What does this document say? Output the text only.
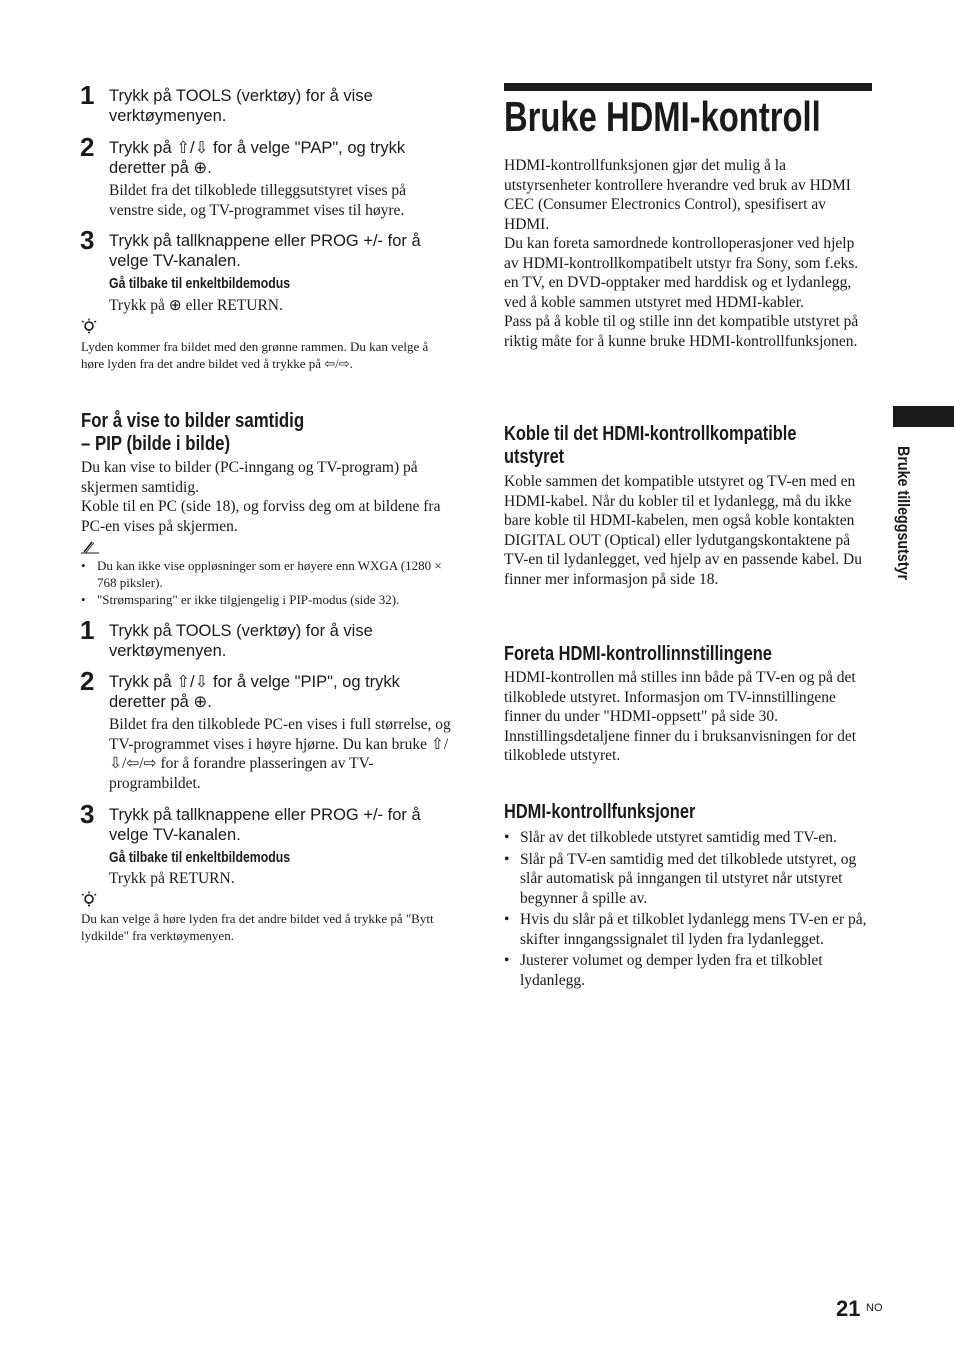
1 Trykk på TOOLS (verktøy) for å vise verktøymenyen.
2 Trykk på ⇧/⇩ for å velge "PAP", og trykk
deretter på ⊕.
Bildet fra det tilkoblede tilleggsutstyret vises på venstre side, og TV-programmet vises til høyre.
3 Trykk på tallknappene eller PROG +/- for å velge TV-kanalen.
Gå tilbake til enkeltbildemodus
Trykk på ⊕ eller RETURN.
Lyden kommer fra bildet med den grønne rammen. Du kan velge å høre lyden fra det andre bildet ved å trykke på ⇦/⇨.
For å vise to bilder samtidig
– PIP (bilde i bilde)
Du kan vise to bilder (PC-inngang og TV-program) på skjermen samtidig.
Koble til en PC (side 18), og forviss deg om at bildene fra PC-en vises på skjermen.
• Du kan ikke vise oppløsninger som er høyere enn WXGA (1280 × 768 piksler).
• "Strømsparing" er ikke tilgjengelig i PIP-modus (side 32).
1 Trykk på TOOLS (verktøy) for å vise verktøymenyen.
2 Trykk på ⇧/⇩ for å velge "PIP", og trykk
deretter på ⊕.
Bildet fra den tilkoblede PC-en vises i full størrelse, og TV-programmet vises i høyre hjørne. Du kan bruke ⇧/⇩/⇦/⇨ for å forandre plasseringen av TV-programbildet.
3 Trykk på tallknappene eller PROG +/- for å velge TV-kanalen.
Gå tilbake til enkeltbildemodus
Trykk på RETURN.
Du kan velge å høre lyden fra det andre bildet ved å trykke på "Bytt lydkilde" fra verktøymenyen.
Bruke HDMI-kontroll

HDMI-kontrollfunksjonen gjør det mulig å la utstyrsenheter kontrollere hverandre ved bruk av HDMI CEC (Consumer Electronics Control), spesifisert av HDMI.

Du kan foreta samordnede kontrolloperasjoner ved hjelp av HDMI-kontrollkompatibelt utstyr fra Sony, som f.eks. en TV, en DVD-opptaker med harddisk og et lydanlegg, ved å koble sammen utstyret med HDMI-kabler.

Pass på å koble til og stille inn det kompatible utstyret på riktig måte for å kunne bruke HDMI-kontrollfunksjonen.

Koble til det HDMI-kontrollkompatible
utstyret
Koble sammen det kompatible utstyret og TV-en med en HDMI-kabel. Når du kobler til et lydanlegg, må du ikke bare koble til HDMI-kabelen, men også koble kontakten DIGITAL OUT (Optical) eller lydutgangskontaktene på TV-en til lydanlegget, ved hjelp av en passende kabel. Du finner mer informasjon på side 18.
Foreta HDMI-kontrollinnstillingene
HDMI-kontrollen må stilles inn både på TV-en og på det tilkoblede utstyret. Informasjon om TV-innstillingene finner du under "HDMI-oppsett" på side 30. Innstillingsdetaljene finner du i bruksanvisningen for det tilkoblede utstyret.
HDMI-kontrollfunksjoner
• Slår av det tilkoblede utstyret samtidig med TV-en.
• Slår på TV-en samtidig med det tilkoblede utstyret, og slår automatisk på inngangen til utstyret når utstyret begynner å spille av.
• Hvis du slår på et tilkoblet lydanlegg mens TV-en er på, skifter inngangssignalet til lyden fra lydanlegget.
• Justerer volumet og demper lyden fra et tilkoblet lydanlegg.
Bruke tilleggsutstyr
21 NO
